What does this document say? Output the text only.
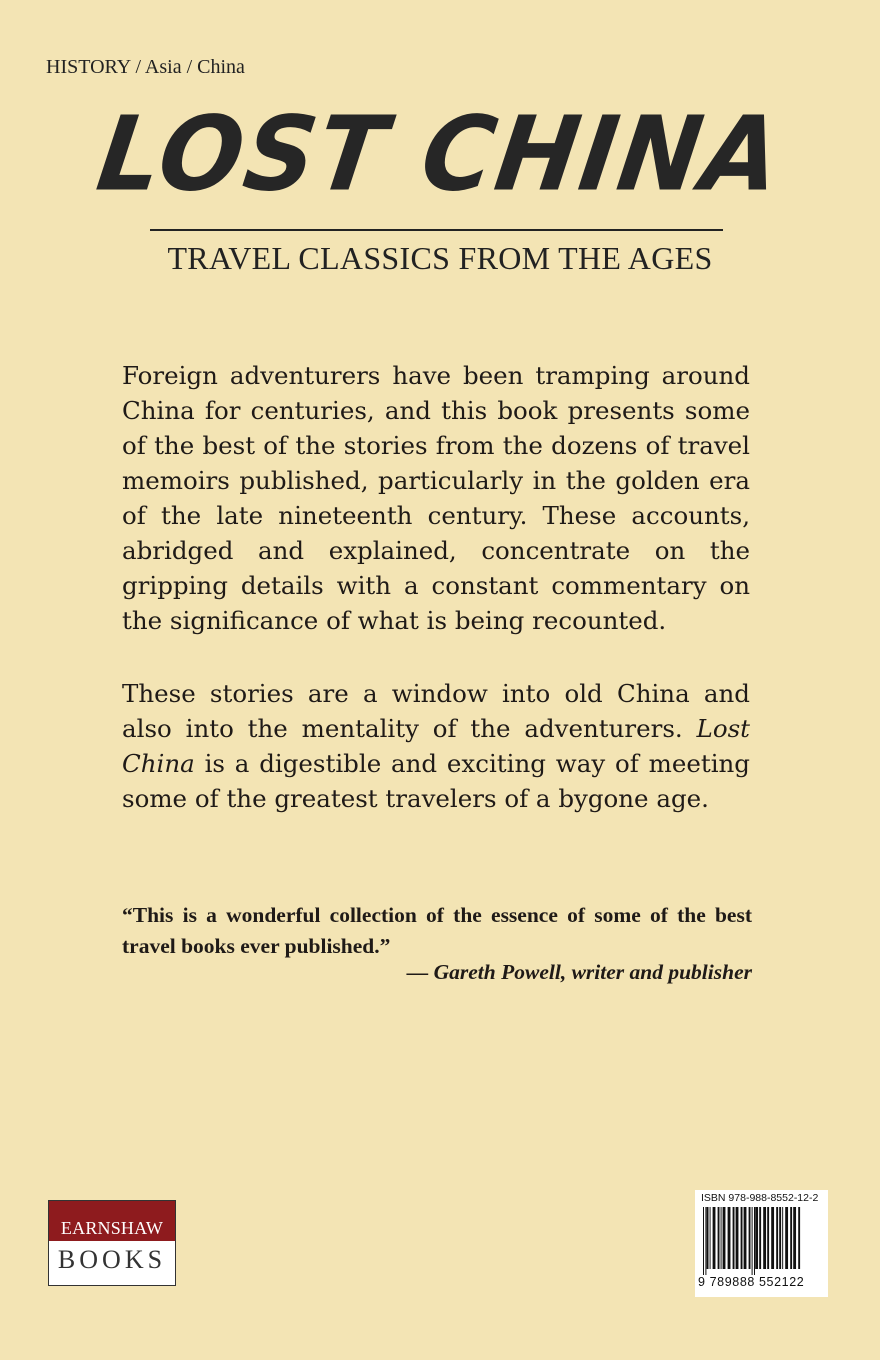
HISTORY / Asia / China
LOST CHINA
TRAVEL CLASSICS FROM THE AGES

Foreign adventurers have been tramping around China for centuries, and this book presents some of the best of the stories from the dozens of travel memoirs published, particularly in the golden era of the late nineteenth century. These accounts, abridged and explained, concentrate on the gripping details with a constant commentary on the significance of what is being recounted.

These stories are a window into old China and also into the mentality of the adventurers. Lost China is a digestible and exciting way of meeting some of the greatest travelers of a bygone age.

“This is a wonderful collection of the essence of some of the best travel books ever published.”

— Gareth Powell, writer and publisher
EARNSHAW
BOOKS
ISBN 978-988-8552-12-2
9 789888 552122
